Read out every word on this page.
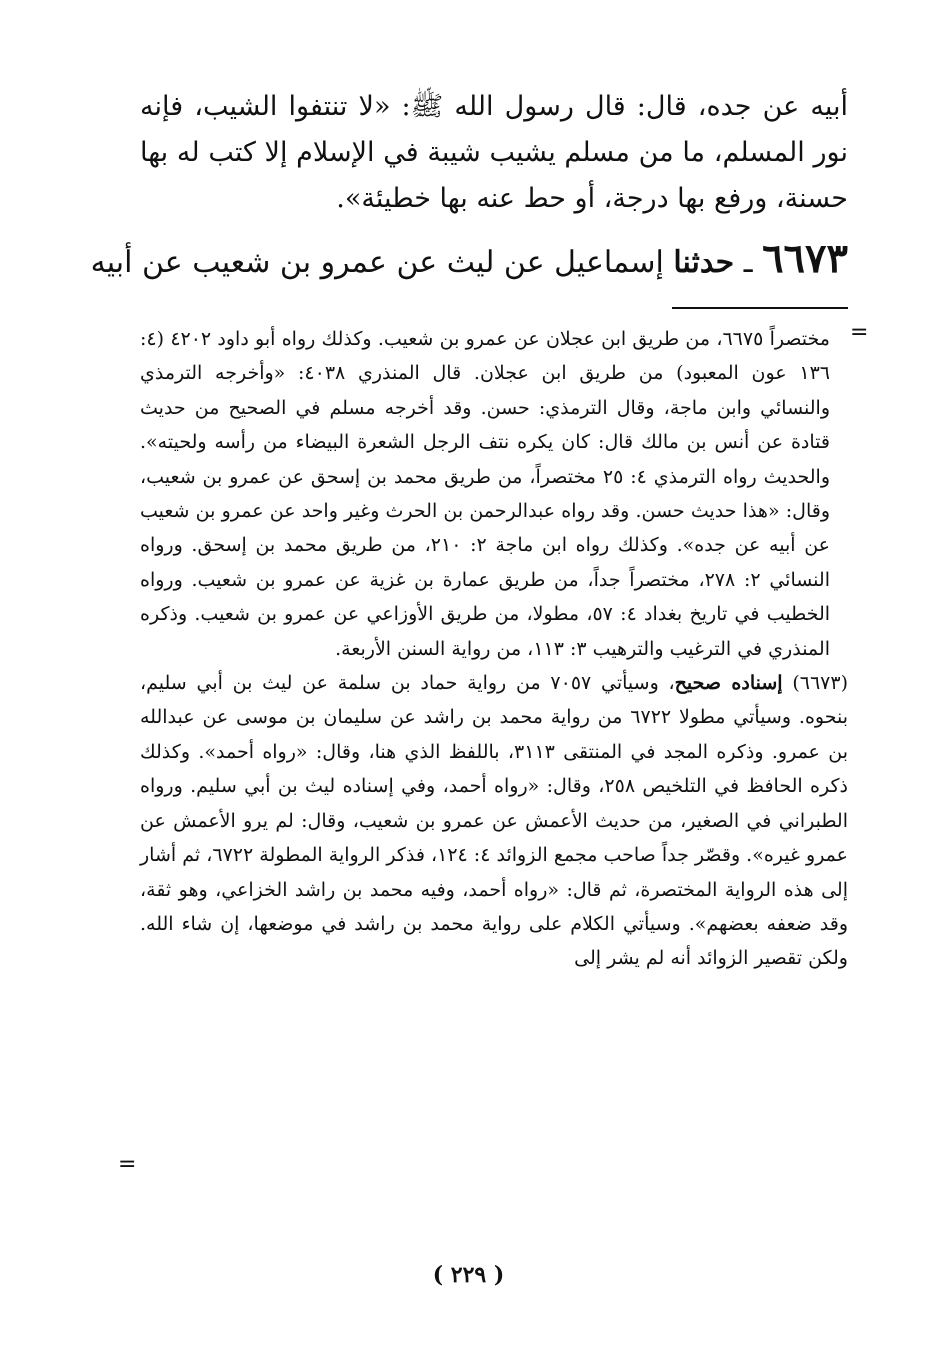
أبيه عن جده، قال: قال رسول الله ﷺ: «لا تنتفوا الشيب، فإنه نور المسلم، ما من مسلم يشيب شيبة في الإسلام إلا كتب له بها حسنة، ورفع بها درجة، أو حط عنه بها خطيئة».

٦٦٧٣ ـ حدثنا إسماعيل عن ليث عن عمرو بن شعيب عن أبيه
=

مختصراً ٦٦٧٥، من طريق ابن عجلان عن عمرو بن شعيب. وكذلك رواه أبو داود ٤٢٠٢ (٤: ١٣٦ عون المعبود) من طريق ابن عجلان. قال المنذري ٤٠٣٨: «وأخرجه الترمذي والنسائي وابن ماجة، وقال الترمذي: حسن. وقد أخرجه مسلم في الصحيح من حديث قتادة عن أنس بن مالك قال: كان يكره نتف الرجل الشعرة البيضاء من رأسه ولحيته». والحديث رواه الترمذي ٤: ٢٥ مختصراً، من طريق محمد بن إسحق عن عمرو بن شعيب، وقال: «هذا حديث حسن. وقد رواه عبدالرحمن بن الحرث وغير واحد عن عمرو بن شعيب عن أبيه عن جده». وكذلك رواه ابن ماجة ٢: ٢١٠، من طريق محمد بن إسحق. ورواه النسائي ٢: ٢٧٨، مختصراً جداً، من طريق عمارة بن غزية عن عمرو بن شعيب. ورواه الخطيب في تاريخ بغداد ٤: ٥٧، مطولا، من طريق الأوزاعي عن عمرو بن شعيب. وذكره المنذري في الترغيب والترهيب ٣: ١١٣، من رواية السنن الأربعة.

(٦٦٧٣) إسناده صحيح، وسيأتي ٧٠٥٧ من رواية حماد بن سلمة عن ليث بن أبي سليم، بنحوه. وسيأتي مطولا ٦٧٢٢ من رواية محمد بن راشد عن سليمان بن موسى عن عبدالله بن عمرو. وذكره المجد في المنتقى ٣١١٣، باللفظ الذي هنا، وقال: «رواه أحمد». وكذلك ذكره الحافظ في التلخيص ٢٥٨، وقال: «رواه أحمد، وفي إسناده ليث بن أبي سليم. ورواه الطبراني في الصغير، من حديث الأعمش عن عمرو بن شعيب، وقال: لم يرو الأعمش عن عمرو غيره». وقصّر جداً صاحب مجمع الزوائد ٤: ١٢٤، فذكر الرواية المطولة ٦٧٢٢، ثم أشار إلى هذه الرواية المختصرة، ثم قال: «رواه أحمد، وفيه محمد بن راشد الخزاعي، وهو ثقة، وقد ضعفه بعضهم». وسيأتي الكلام على رواية محمد بن راشد في موضعها، إن شاء الله. ولكن تقصير الزوائد أنه لم يشر إلى

=
( ٢٢٩ )
